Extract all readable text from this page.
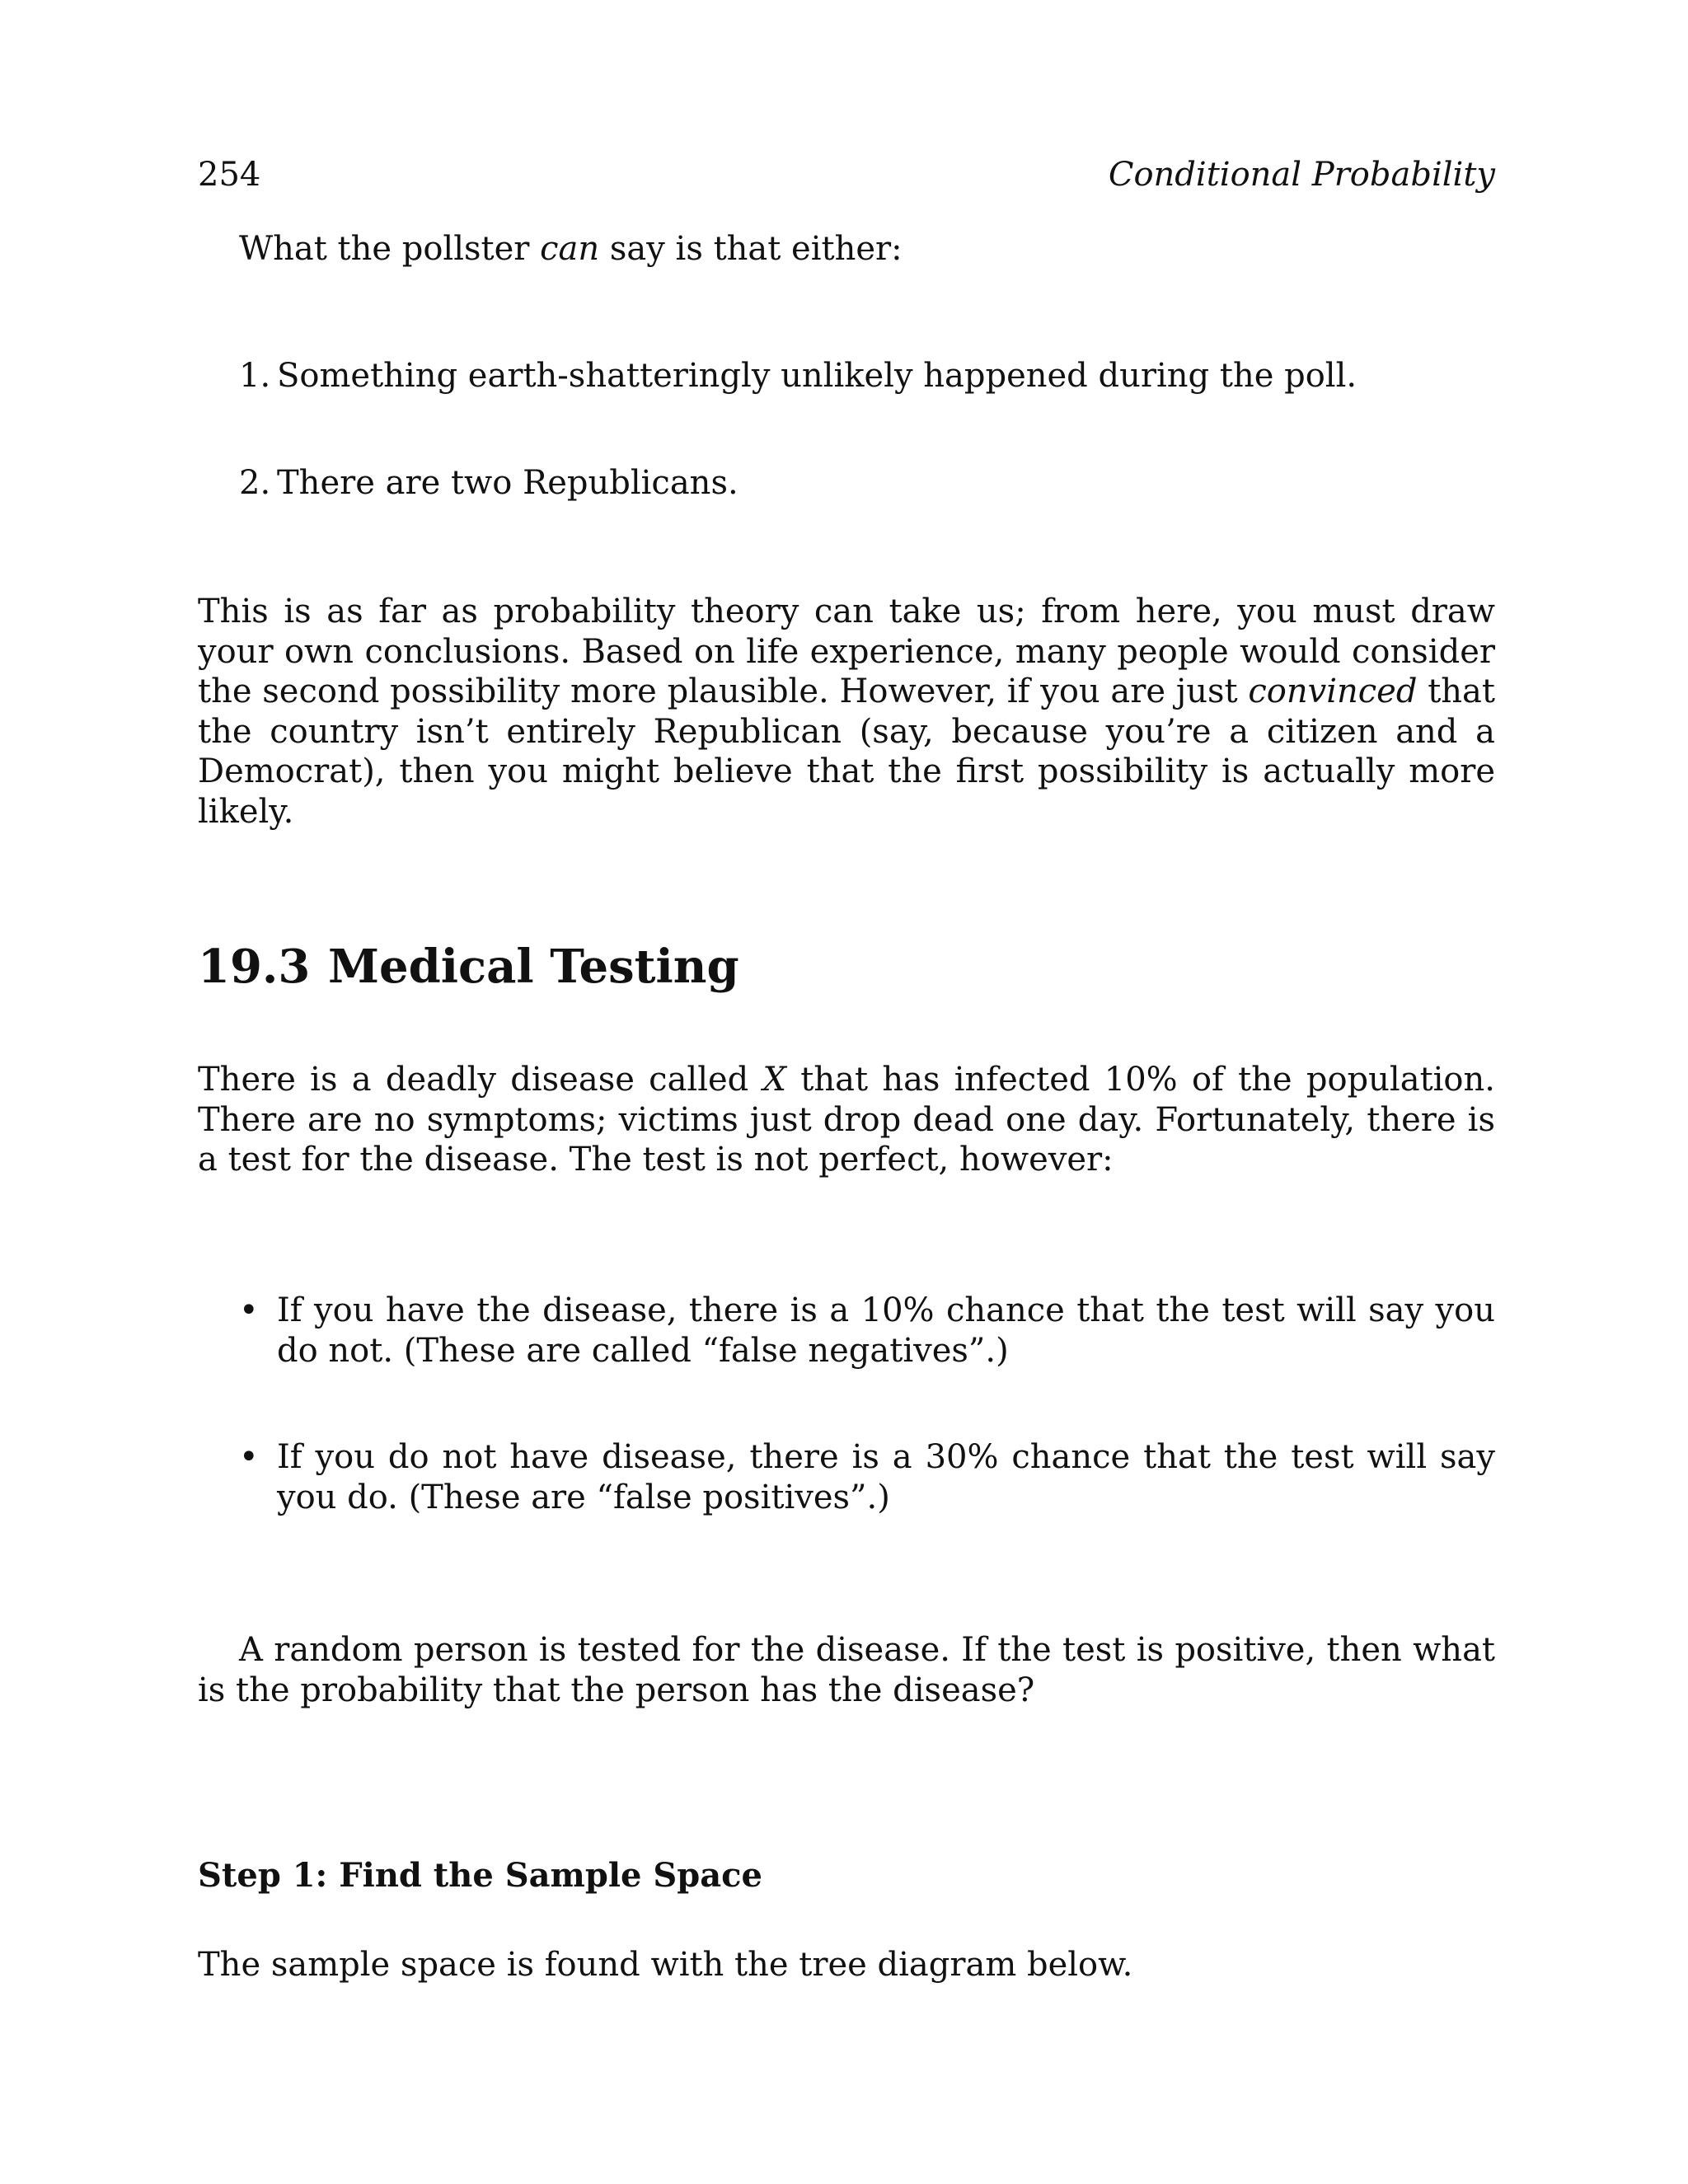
254	Conditional Probability
What the pollster can say is that either:
1. Something earth-shatteringly unlikely happened during the poll.
2. There are two Republicans.
This is as far as probability theory can take us; from here, you must draw your own conclusions. Based on life experience, many people would consider the second possibility more plausible. However, if you are just convinced that the country isn’t entirely Republican (say, because you’re a citizen and a Democrat), then you might believe that the first possibility is actually more likely.
19.3 Medical Testing
There is a deadly disease called X that has infected 10% of the population. There are no symptoms; victims just drop dead one day. Fortunately, there is a test for the disease. The test is not perfect, however:
• If you have the disease, there is a 10% chance that the test will say you do not. (These are called “false negatives”.)
• If you do not have disease, there is a 30% chance that the test will say you do. (These are “false positives”.)
A random person is tested for the disease. If the test is positive, then what is the probability that the person has the disease?
Step 1: Find the Sample Space
The sample space is found with the tree diagram below.
